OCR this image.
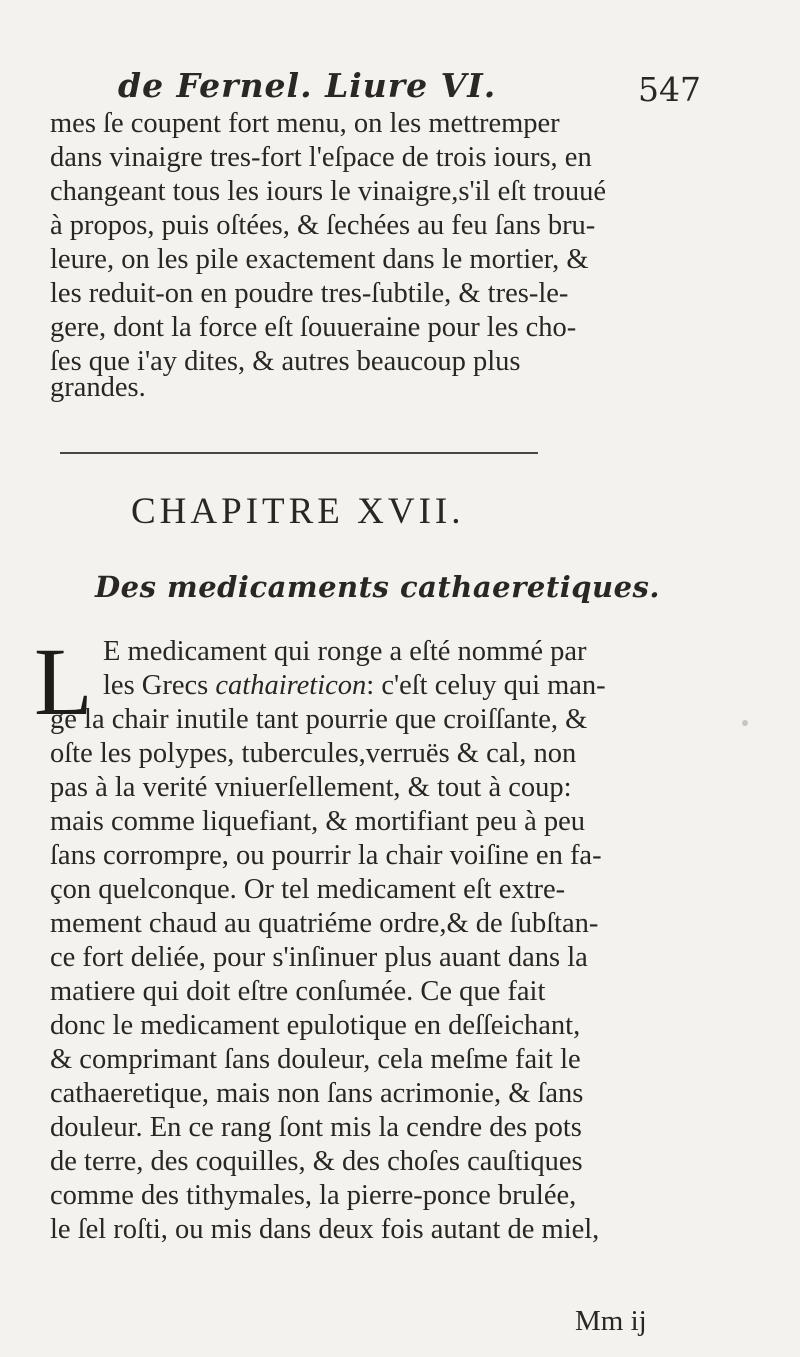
de Fernel. Liure VI.	547
mes ſe coupent fort menu, on les mettremper
dans vinaigre tres-fort l'eſpace de trois iours, en
changeant tous les iours le vinaigre,s'il eſt trouué
à propos, puis oſtées, & ſechées au feu ſans bru-
leure, on les pile exactement dans le mortier, &
les reduit-on en poudre tres-ſubtile, & tres-le-
gere, dont la force eſt ſouueraine pour les cho-
ſes que i'ay dites, & autres beaucoup plus
grandes.
CHAPITRE XVII.
Des medicaments cathaeretiques.
L E medicament qui ronge a eſté nommé par
les Grecs cathaireticon: c'eſt celuy qui man-
ge la chair inutile tant pourrie que croiſſante, &
oſte les polypes, tubercules,verruës & cal, non
pas à la verité vniuerſellement, & tout à coup:
mais comme liquefiant, & mortifiant peu à peu
ſans corrompre, ou pourrir la chair voiſine en fa-
çon quelconque. Or tel medicament eſt extre-
mement chaud au quatriéme ordre,& de ſubſtan-
ce fort deliée, pour s'inſinuer plus auant dans la
matiere qui doit eſtre conſumée. Ce que fait
donc le medicament epulotique en deſſeichant,
& comprimant ſans douleur, cela meſme fait le
cathaeretique, mais non ſans acrimonie, & ſans
douleur. En ce rang ſont mis la cendre des pots
de terre, des coquilles, & des choſes cauſtiques
comme des tithymales, la pierre-ponce brulée,
le ſel roſti, ou mis dans deux fois autant de miel,
Mm ij
